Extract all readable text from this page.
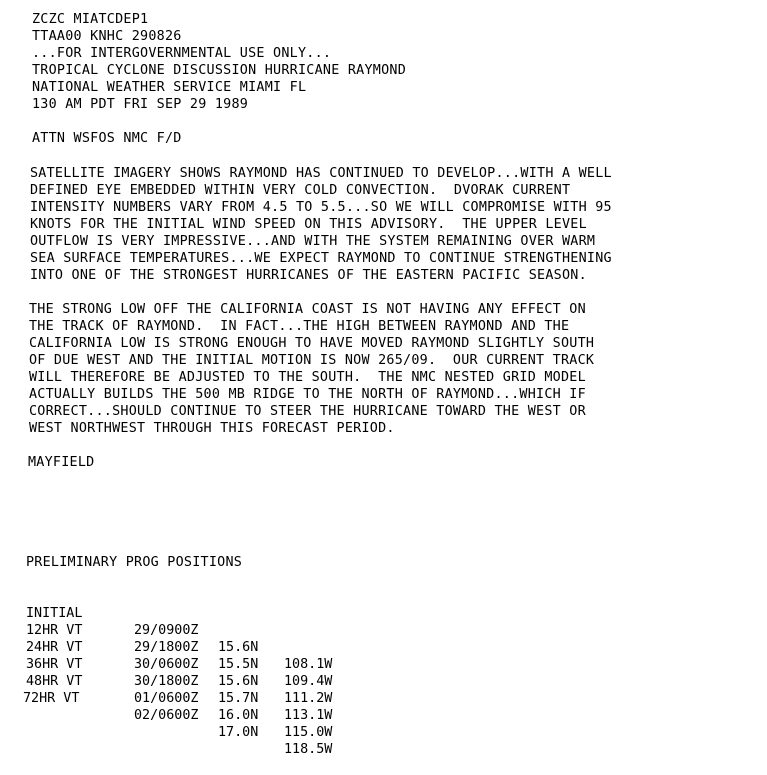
ZCZC MIATCDEP1
TTAA00 KNHC 290826
...FOR INTERGOVERNMENTAL USE ONLY...
TROPICAL CYCLONE DISCUSSION HURRICANE RAYMOND
NATIONAL WEATHER SERVICE MIAMI FL
130 AM PDT FRI SEP 29 1989
ATTN WSFOS NMC F/D
SATELLITE IMAGERY SHOWS RAYMOND HAS CONTINUED TO DEVELOP...WITH A WELL
DEFINED EYE EMBEDDED WITHIN VERY COLD CONVECTION.  DVORAK CURRENT
INTENSITY NUMBERS VARY FROM 4.5 TO 5.5...SO WE WILL COMPROMISE WITH 95
KNOTS FOR THE INITIAL WIND SPEED ON THIS ADVISORY.  THE UPPER LEVEL
OUTFLOW IS VERY IMPRESSIVE...AND WITH THE SYSTEM REMAINING OVER WARM
SEA SURFACE TEMPERATURES...WE EXPECT RAYMOND TO CONTINUE STRENGTHENING
INTO ONE OF THE STRONGEST HURRICANES OF THE EASTERN PACIFIC SEASON.
THE STRONG LOW OFF THE CALIFORNIA COAST IS NOT HAVING ANY EFFECT ON
THE TRACK OF RAYMOND.  IN FACT...THE HIGH BETWEEN RAYMOND AND THE
CALIFORNIA LOW IS STRONG ENOUGH TO HAVE MOVED RAYMOND SLIGHTLY SOUTH
OF DUE WEST AND THE INITIAL MOTION IS NOW 265/09.  OUR CURRENT TRACK
WILL THEREFORE BE ADJUSTED TO THE SOUTH.  THE NMC NESTED GRID MODEL
ACTUALLY BUILDS THE 500 MB RIDGE TO THE NORTH OF RAYMOND...WHICH IF
CORRECT...SHOULD CONTINUE TO STEER THE HURRICANE TOWARD THE WEST OR
WEST NORTHWEST THROUGH THIS FORECAST PERIOD.
MAYFIELD
PRELIMINARY PROG POSITIONS

INITIAL

29/0900Z

15.6N

108.1W

12HR VT

29/1800Z

15.5N

109.4W

24HR VT

30/0600Z

15.6N

111.2W

36HR VT

30/1800Z

15.7N

113.1W

48HR VT

01/0600Z

16.0N

115.0W

72HR VT

02/0600Z

17.0N

118.5W
